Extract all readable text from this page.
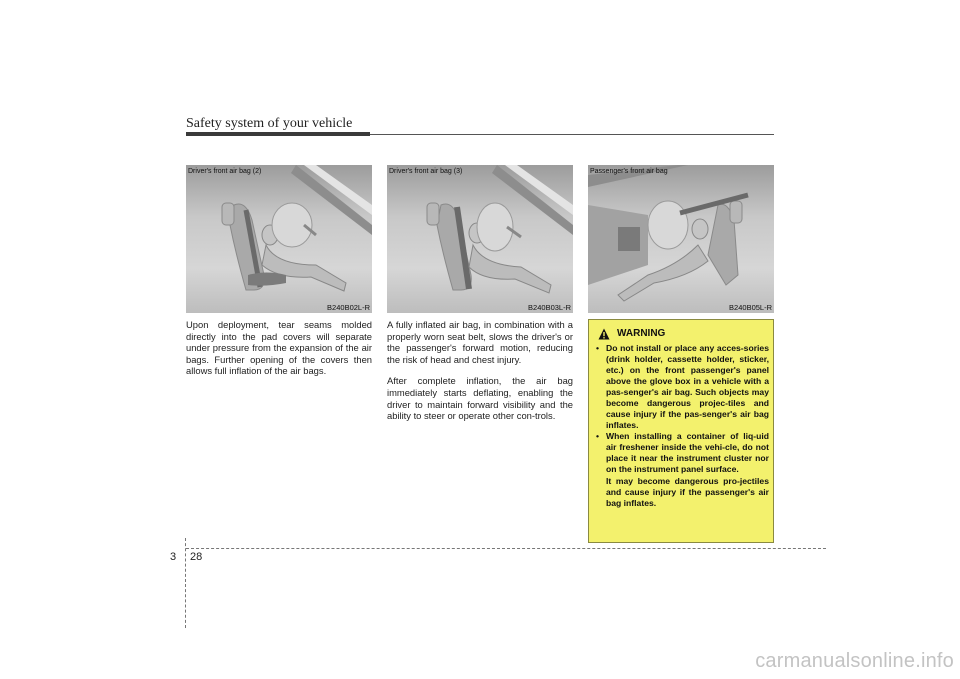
Safety system of your vehicle
Driver's front air bag (2)
B240B02L-R
Driver's front air bag (3)
B240B03L-R
Passenger's front air bag
B240B05L-R

Upon deployment, tear seams molded directly into the pad covers will separate under pressure from the expansion of the air bags. Further opening of the covers then allows full inflation of the air bags.

A fully inflated air bag, in combination with a properly worn seat belt, slows the driver's or the passenger's forward motion, reducing the risk of head and chest injury.

After complete inflation, the air bag immediately starts deflating, enabling the driver to maintain forward visibility and the ability to steer or operate other con-trols.

WARNING
• Do not install or place any acces-sories (drink holder, cassette holder, sticker, etc.) on the front passenger's panel above the glove box in a vehicle with a pas-senger's air bag. Such objects may become dangerous projec-tiles and cause injury if the pas-senger's air bag inflates.
• When installing a container of liq-uid air freshener inside the vehi-cle, do not place it near the instrument cluster nor on the instrument panel surface.
It may become dangerous pro-jectiles and cause injury if the passenger's air bag inflates.
3 28
carmanualsonline.info
